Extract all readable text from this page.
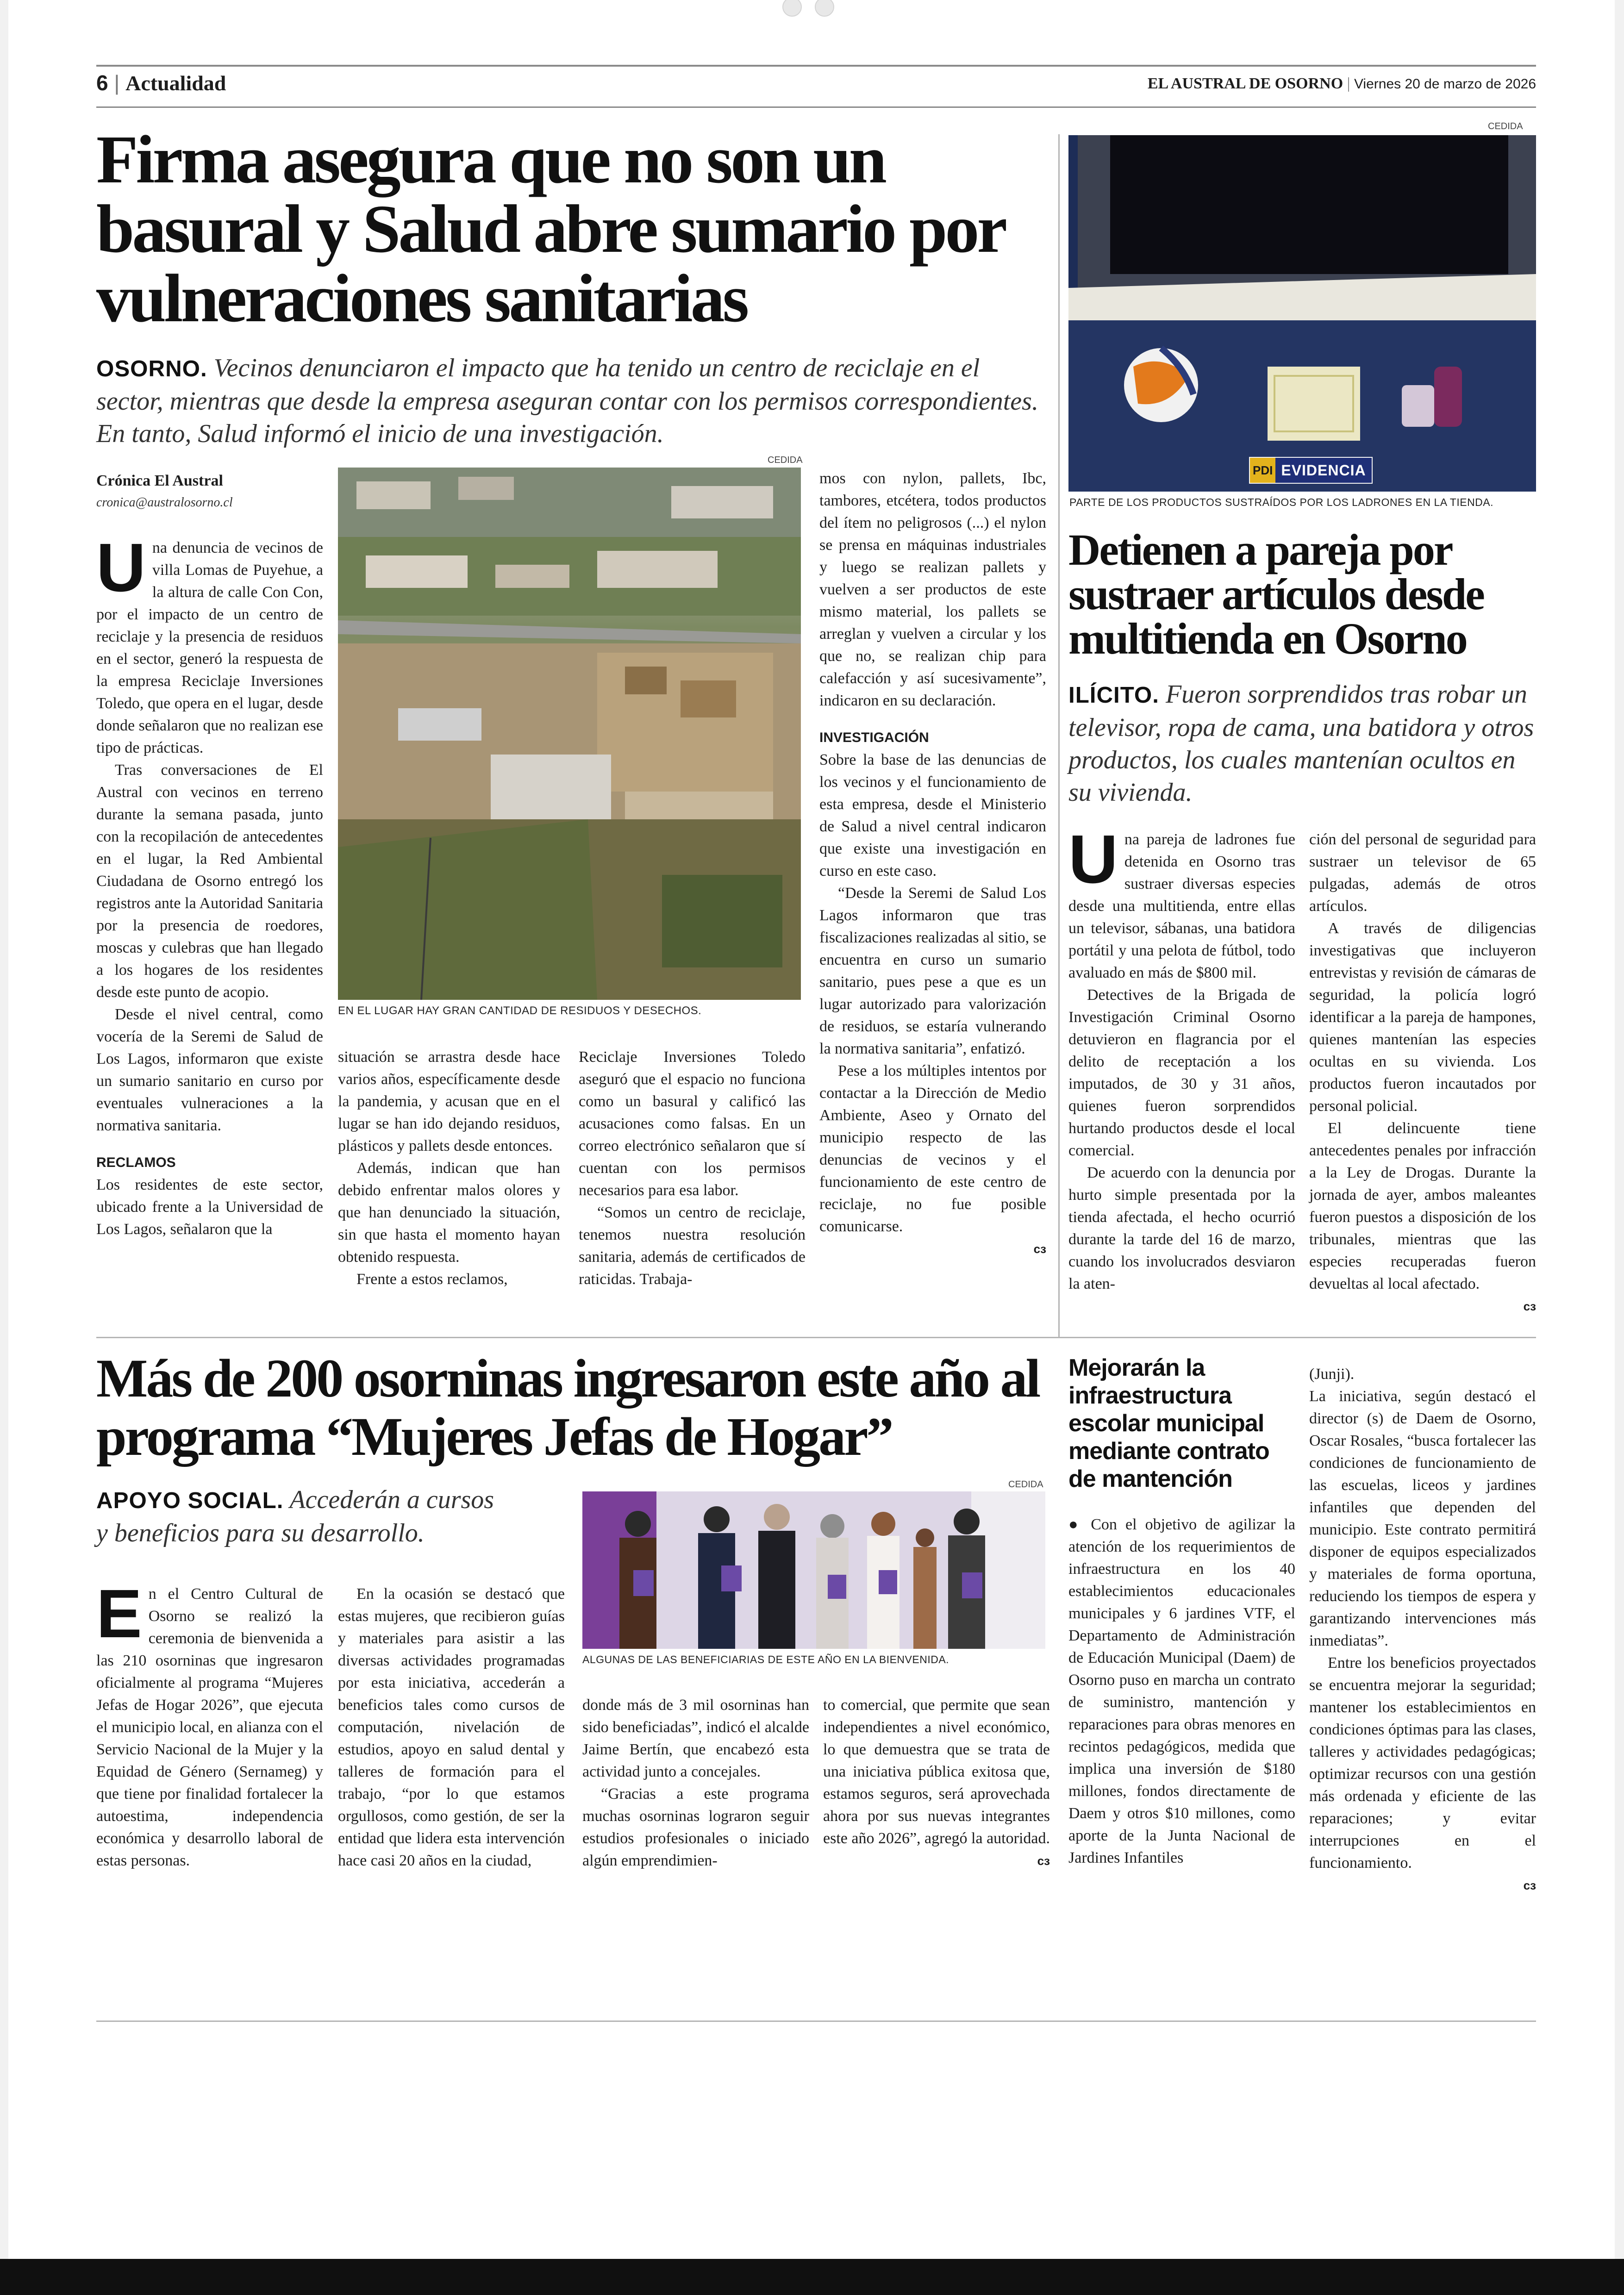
6 | Actualidad	EL AUSTRAL DE OSORNO | Viernes 20 de marzo de 2026
Firma asegura que no son un basural y Salud abre sumario por vulneraciones sanitarias
OSORNO. Vecinos denunciaron el impacto que ha tenido un centro de reciclaje en el sector, mientras que desde la empresa aseguran contar con los permisos correspondientes. En tanto, Salud informó el inicio de una investigación.
Crónica El Austral
cronica@australosorno.cl
CEDIDA
EN EL LUGAR HAY GRAN CANTIDAD DE RESIDUOS Y DESECHOS.
U na denuncia de vecinos de villa Lomas de Puyehue, a la altura de calle Con Con, por el impacto de un centro de reciclaje y la presencia de residuos en el sector, generó la respuesta de la empresa Reciclaje Inversiones Toledo, que opera en el lugar, desde donde señalaron que no realizan ese tipo de prácticas.

Tras conversaciones de El Austral con vecinos en terreno durante la semana pasada, junto con la recopilación de antecedentes en el lugar, la Red Ambiental Ciudadana de Osorno entregó los registros ante la Autoridad Sanitaria por la presencia de roedores, moscas y culebras que han llegado a los hogares de los residentes desde este punto de acopio.

Desde el nivel central, como vocería de la Seremi de Salud de Los Lagos, informaron que existe un sumario sanitario en curso por eventuales vulneraciones a la normativa sanitaria.

RECLAMOS

Los residentes de este sector, ubicado frente a la Universidad de Los Lagos, señalaron que la

situación se arrastra desde hace varios años, específicamente desde la pandemia, y acusan que en el lugar se han ido dejando residuos, plásticos y pallets desde entonces.

Además, indican que han debido enfrentar malos olores y que han denunciado la situación, sin que hasta el momento hayan obtenido respuesta.

Frente a estos reclamos,

Reciclaje Inversiones Toledo aseguró que el espacio no funciona como un basural y calificó las acusaciones como falsas. En un correo electrónico señalaron que sí cuentan con los permisos necesarios para esa labor.

“Somos un centro de reciclaje, tenemos nuestra resolución sanitaria, además de certificados de raticidas. Trabaja-

mos con nylon, pallets, Ibc, tambores, etcétera, todos productos del ítem no peligrosos (...) el nylon se prensa en máquinas industriales y luego se realizan pallets y vuelven a ser productos de este mismo material, los pallets se arreglan y vuelven a circular y los que no, se realizan chip para calefacción y así sucesivamente”, indicaron en su declaración.

INVESTIGACIÓN

Sobre la base de las denuncias de los vecinos y el funcionamiento de esta empresa, desde el Ministerio de Salud a nivel central indicaron que existe una investigación en curso en este caso.

“Desde la Seremi de Salud Los Lagos informaron que tras fiscalizaciones realizadas al sitio, se encuentra en curso un sumario sanitario, pues pese a que es un lugar autorizado para valorización de residuos, se estaría vulnerando la normativa sanitaria”, enfatizó.

Pese a los múltiples intentos por contactar a la Dirección de Medio Ambiente, Aseo y Ornato del municipio respecto de las denuncias de vecinos y el funcionamiento de este centro de reciclaje, no fue posible comunicarse.

cз
CEDIDA
PDI EVIDENCIA
PARTE DE LOS PRODUCTOS SUSTRAÍDOS POR LOS LADRONES EN LA TIENDA.
Detienen a pareja por sustraer artículos desde multitienda en Osorno
ILÍCITO. Fueron sorprendidos tras robar un televisor, ropa de cama, una batidora y otros productos, los cuales mantenían ocultos en su vivienda.
U na pareja de ladrones fue detenida en Osorno tras sustraer diversas especies desde una multitienda, entre ellas un televisor, sábanas, una batidora portátil y una pelota de fútbol, todo avaluado en más de $800 mil.

Detectives de la Brigada de Investigación Criminal Osorno detuvieron en flagrancia por el delito de receptación a los imputados, de 30 y 31 años, quienes fueron sorprendidos hurtando productos desde el local comercial.

De acuerdo con la denuncia por hurto simple presentada por la tienda afectada, el hecho ocurrió durante la tarde del 16 de marzo, cuando los involucrados desviaron la aten-

ción del personal de seguridad para sustraer un televisor de 65 pulgadas, además de otros artículos.

A través de diligencias investigativas que incluyeron entrevistas y revisión de cámaras de seguridad, la policía logró identificar a la pareja de hampones, quienes mantenían las especies ocultas en su vivienda. Los productos fueron incautados por personal policial.

El delincuente tiene antecedentes penales por infracción a la Ley de Drogas. Durante la jornada de ayer, ambos maleantes fueron puestos a disposición de los tribunales, mientras que las especies recuperadas fueron devueltas al local afectado.

cз
Más de 200 osorninas ingresaron este año al programa “Mujeres Jefas de Hogar”
APOYO SOCIAL. Accederán a cursos y beneficios para su desarrollo.
CEDIDA
ALGUNAS DE LAS BENEFICIARIAS DE ESTE AÑO EN LA BIENVENIDA.
E n el Centro Cultural de Osorno se realizó la ceremonia de bienvenida a las 210 osorninas que ingresaron oficialmente al programa “Mujeres Jefas de Hogar 2026”, que ejecuta el municipio local, en alianza con el Servicio Nacional de la Mujer y la Equidad de Género (Sernameg) y que tiene por finalidad fortalecer la autoestima, independencia económica y desarrollo laboral de estas personas.

En la ocasión se destacó que estas mujeres, que recibieron guías y materiales para asistir a las diversas actividades programadas por esta iniciativa, accederán a beneficios tales como cursos de computación, nivelación de estudios, apoyo en salud dental y talleres de formación para el trabajo, “por lo que estamos orgullosos, como gestión, de ser la entidad que lidera esta intervención hace casi 20 años en la ciudad,

donde más de 3 mil osorninas han sido beneficiadas”, indicó el alcalde Jaime Bertín, que encabezó esta actividad junto a concejales.

“Gracias a este programa muchas osorninas lograron seguir estudios profesionales o iniciado algún emprendimien-

to comercial, que permite que sean independientes a nivel económico, lo que demuestra que se trata de una iniciativa pública exitosa que, estamos seguros, será aprovechada ahora por sus nuevas integrantes este año 2026”, agregó la autoridad.

cз
Mejorarán la infraestructura escolar municipal mediante contrato de mantención

● Con el objetivo de agilizar la atención de los requerimientos de infraestructura en los 40 establecimientos educacionales municipales y 6 jardines VTF, el Departamento de Administración de Educación Municipal (Daem) de Osorno puso en marcha un contrato de suministro, mantención y reparaciones para obras menores en recintos pedagógicos, medida que implica una inversión de $180 millones, fondos directamente de Daem y otros $10 millones, como aporte de la Junta Nacional de Jardines Infantiles

(Junji).

La iniciativa, según destacó el director (s) de Daem de Osorno, Oscar Rosales, “busca fortalecer las condiciones de funcionamiento de las escuelas, liceos y jardines infantiles que dependen del municipio. Este contrato permitirá disponer de equipos especializados y materiales de forma oportuna, reduciendo los tiempos de espera y garantizando intervenciones más inmediatas”.

Entre los beneficios proyectados se encuentra mejorar la seguridad; mantener los establecimientos en condiciones óptimas para las clases, talleres y actividades pedagógicas; optimizar recursos con una gestión más ordenada y eficiente de las reparaciones; y evitar interrupciones en el funcionamiento.

cз
